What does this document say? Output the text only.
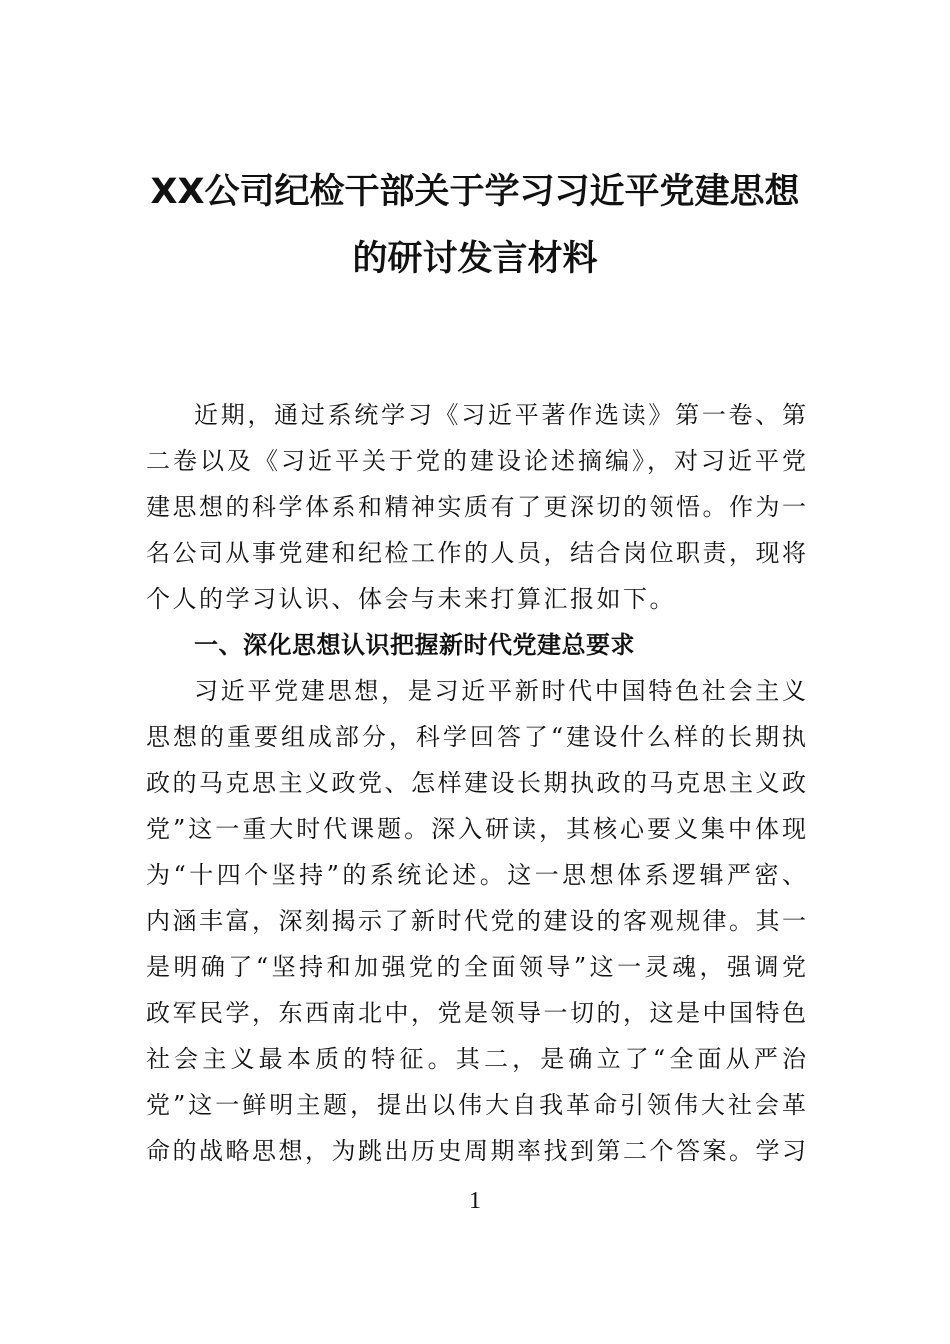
XX公司纪检干部关于学习习近平党建思想
的研讨发言材料
近期，通过系统学习《习近平著作选读》第一卷、第
二卷以及《习近平关于党的建设论述摘编》，对习近平党
建思想的科学体系和精神实质有了更深切的领悟。作为一
名公司从事党建和纪检工作的人员，结合岗位职责，现将
个人的学习认识、体会与未来打算汇报如下。
一、深化思想认识把握新时代党建总要求
习近平党建思想，是习近平新时代中国特色社会主义
思想的重要组成部分，科学回答了“建设什么样的长期执
政的马克思主义政党、怎样建设长期执政的马克思主义政
党”这一重大时代课题。深入研读，其核心要义集中体现
为“十四个坚持”的系统论述。这一思想体系逻辑严密、
内涵丰富，深刻揭示了新时代党的建设的客观规律。其一
是明确了“坚持和加强党的全面领导”这一灵魂，强调党
政军民学，东西南北中，党是领导一切的，这是中国特色
社会主义最本质的特征。其二，是确立了“全面从严治
党”这一鲜明主题，提出以伟大自我革命引领伟大社会革
命的战略思想，为跳出历史周期率找到第二个答案。学习
1
